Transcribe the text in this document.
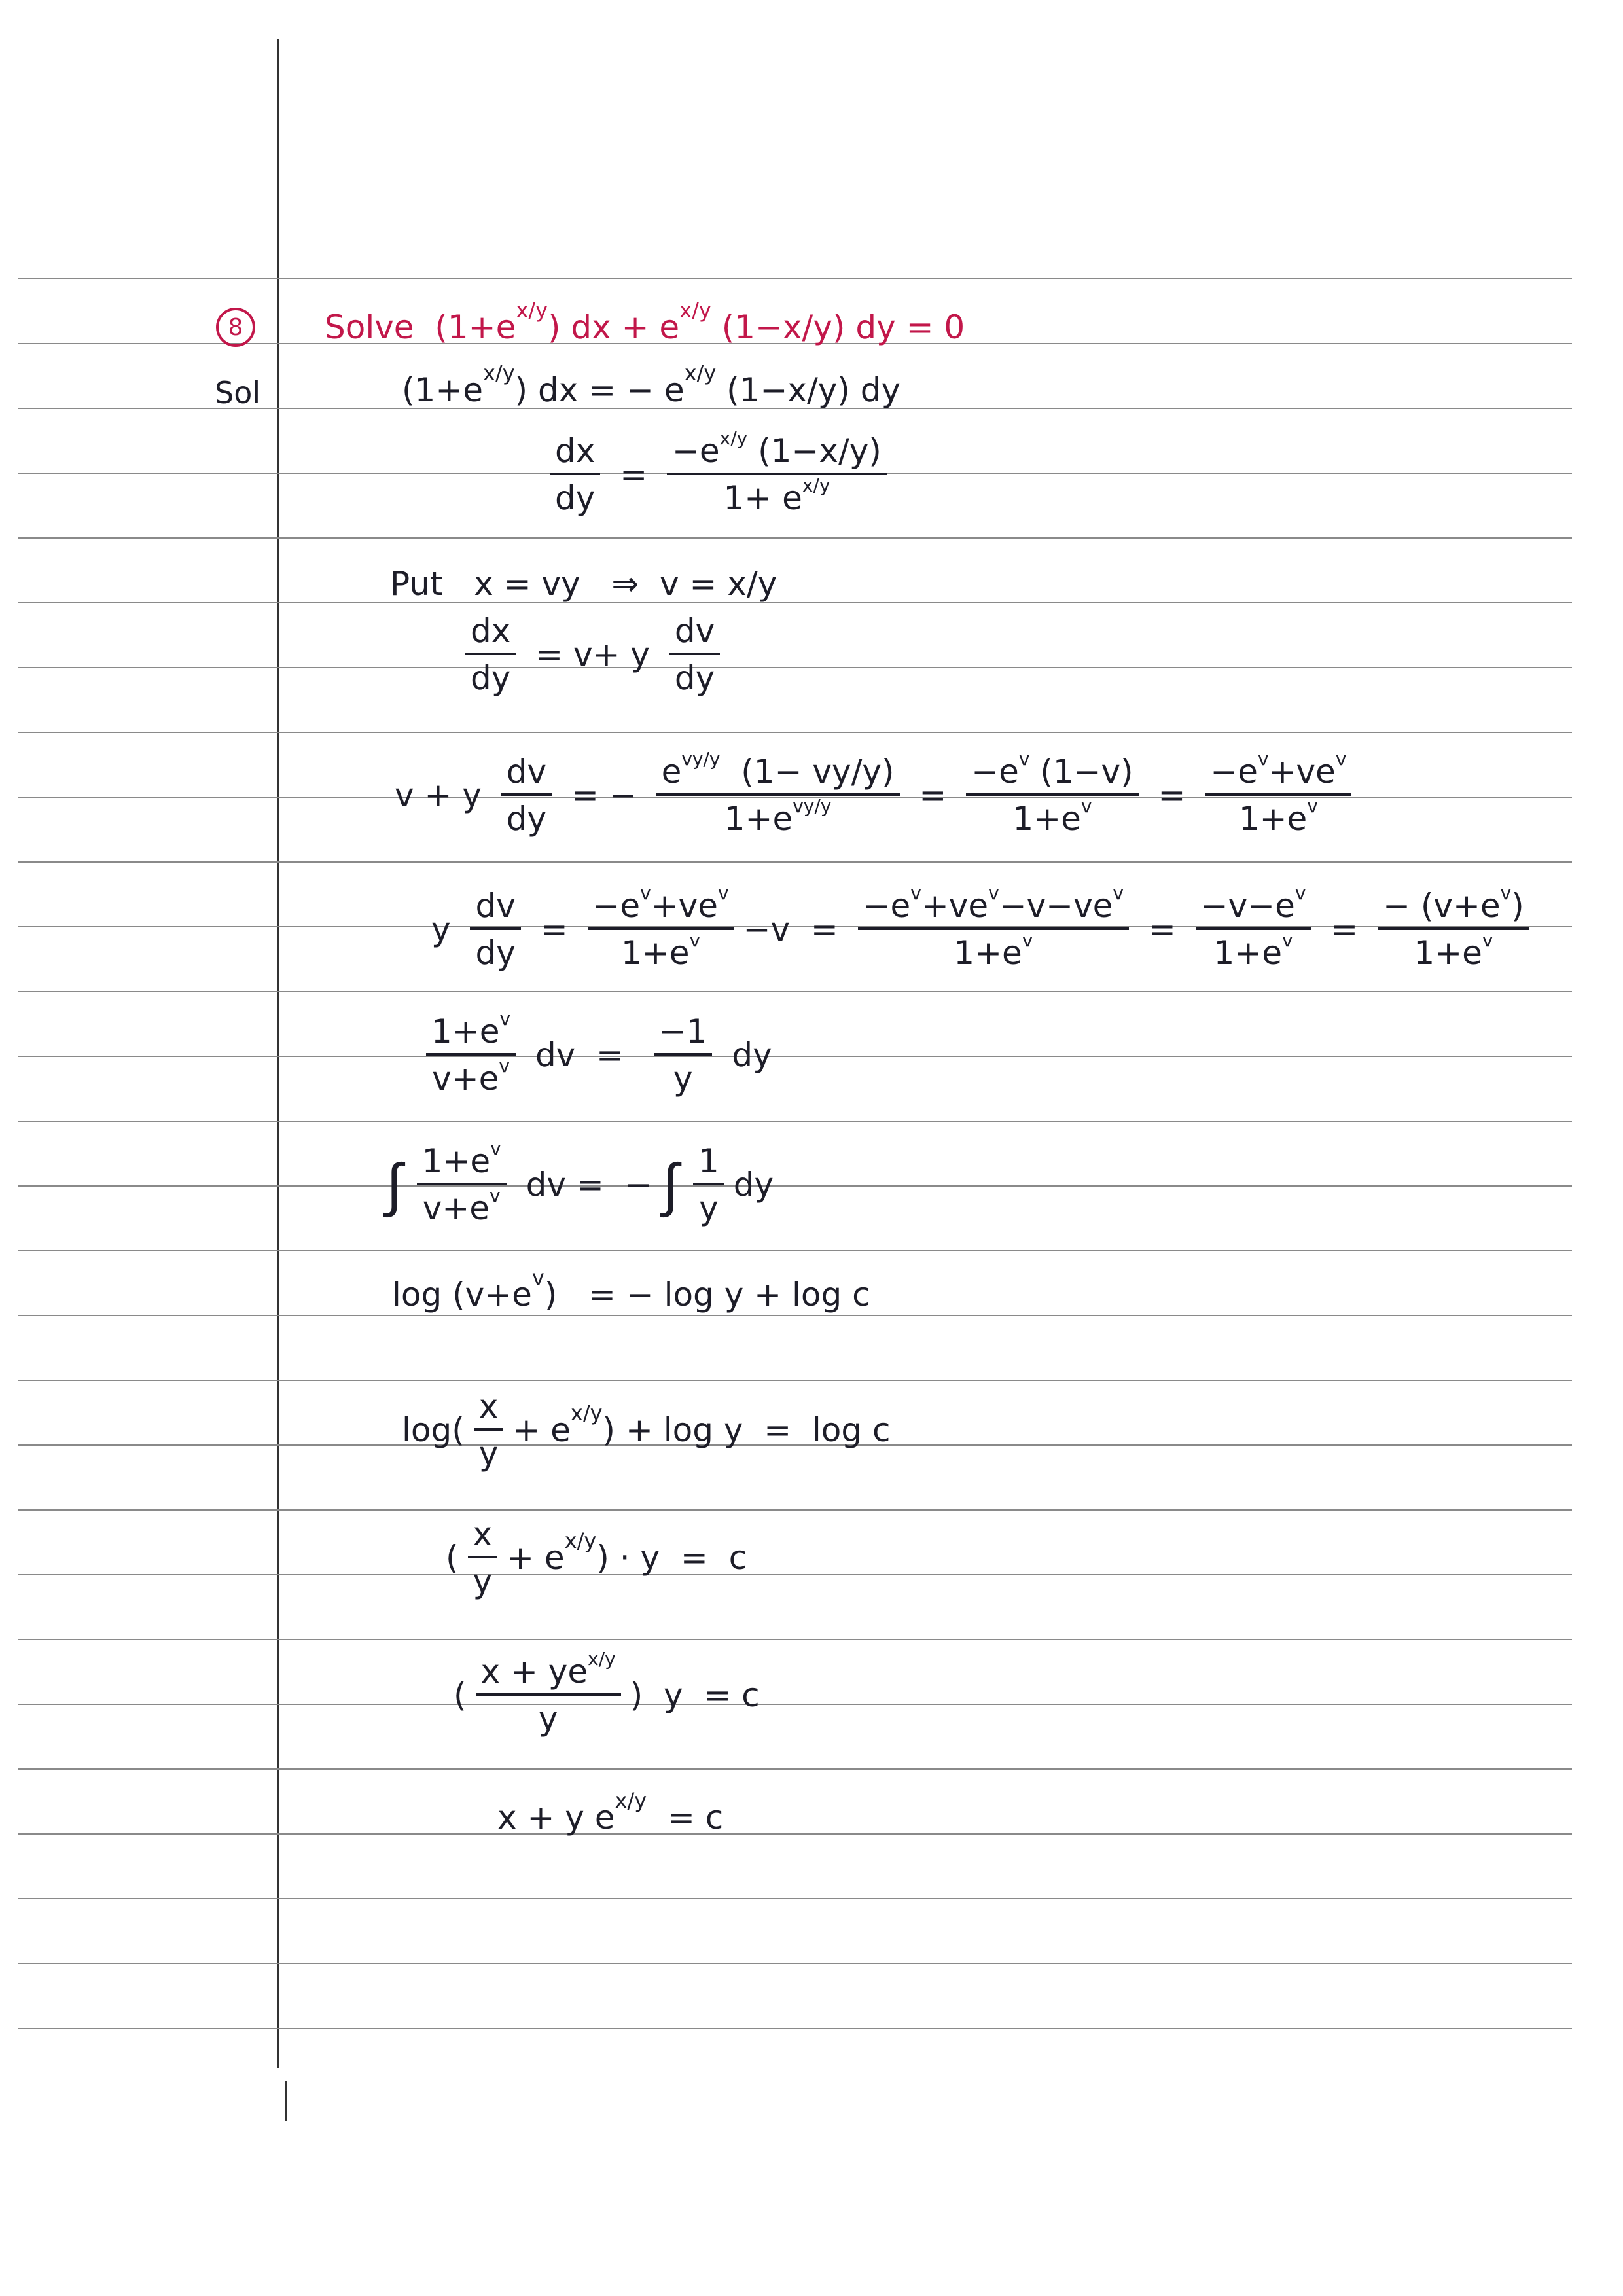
8
Sol
Solve  (1+e x/y ) dx + e x/y (1−x/y) dy = 0
(1+e x/y ) dx = − e x/y (1−x/y) dy
$\frac{dx}{dy} = \frac{\text{−e x/y (1−x/y)}}{\text{1+ e x/y}}$
Put   x = vy   ⇒  v = x/y
$\frac{dx}{dy} = v+ y \frac{dv}{dy}$
v + y $\frac{dv}{dy}$ = − $\frac{\text{e vy/y (1− vy/y)}}{\text{1+e vy/y}} = \frac{\text{−e v (1−v)}}{\text{1+e v}} = \frac{\text{−e v +ve v}}{\text{1+e v}}$
y $\frac{dv}{dy} = \frac{\text{−e v +ve v}}{\text{1+e v}} -v = \frac{\text{−e v +ve v −v−ve v}}{\text{1+e v}} = \frac{\text{−v−e v}}{\text{1+e v}} = \frac{\text{− (v+e v )}}{\text{1+e v}}$
$\frac{\text{1+e v}}{\text{v+e v}}$ dv  = $\frac{-1}{y}$ dy
∫ $\frac{\text{1+e v}}{\text{v+e v}}$ dv =  − ∫ $\frac{1}{y}$ dy
log (v+e v )   = − log y + log c
$\log( \frac{x}{y} + e$ x/y ) + log y  =  log c
( $\frac{x}{y} + e$ x/y ) · y  =  c
( $\frac{\text{x + ye x/y}}{y}$ )  y  = c
x + y e x/y = c
